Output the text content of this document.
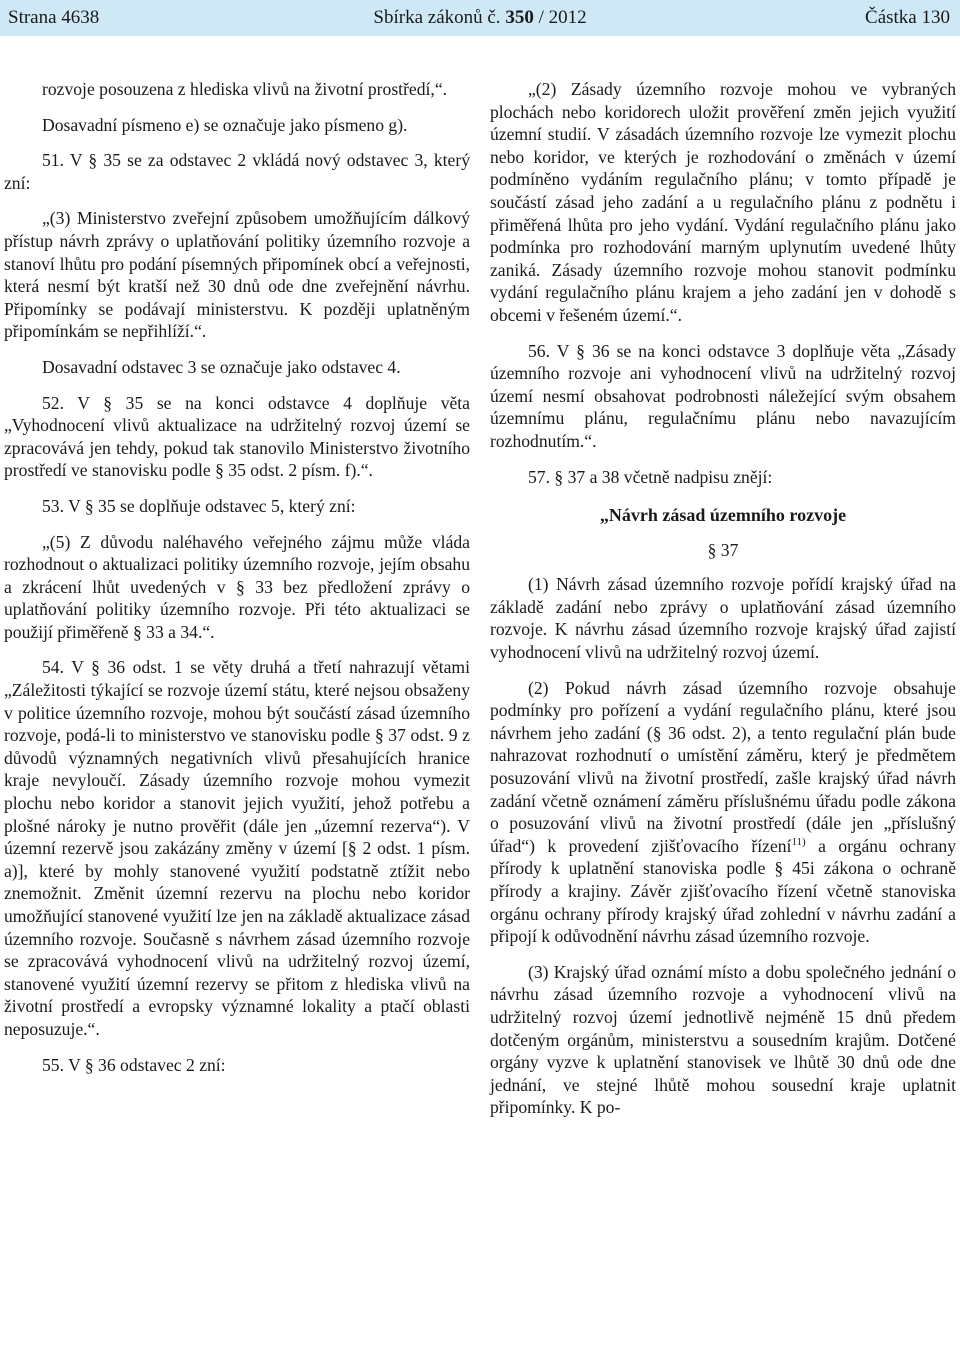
Strana 4638	Sbírka zákonů č. 350 / 2012	Částka 130

rozvoje posouzena z hlediska vlivů na životní prostředí,“.

Dosavadní písmeno e) se označuje jako písmeno g).

51. V § 35 se za odstavec 2 vkládá nový odstavec 3, který zní:

„(3) Ministerstvo zveřejní způsobem umožňujícím dálkový přístup návrh zprávy o uplatňování politiky územního rozvoje a stanoví lhůtu pro podání písemných připomínek obcí a veřejnosti, která nesmí být kratší než 30 dnů ode dne zveřejnění návrhu. Připomínky se podávají ministerstvu. K později uplatněným připomínkám se nepřihlíží.“.

Dosavadní odstavec 3 se označuje jako odstavec 4.

52. V § 35 se na konci odstavce 4 doplňuje věta „Vyhodnocení vlivů aktualizace na udržitelný rozvoj území se zpracovává jen tehdy, pokud tak stanovilo Ministerstvo životního prostředí ve stanovisku podle § 35 odst. 2 písm. f).“.

53. V § 35 se doplňuje odstavec 5, který zní:

„(5) Z důvodu naléhavého veřejného zájmu může vláda rozhodnout o aktualizaci politiky územního rozvoje, jejím obsahu a zkrácení lhůt uvedených v § 33 bez předložení zprávy o uplatňování politiky územního rozvoje. Při této aktualizaci se použijí přiměřeně § 33 a 34.“.

54. V § 36 odst. 1 se věty druhá a třetí nahrazují větami „Záležitosti týkající se rozvoje území státu, které nejsou obsaženy v politice územního rozvoje, mohou být součástí zásad územního rozvoje, podá-li to ministerstvo ve stanovisku podle § 37 odst. 9 z důvodů významných negativních vlivů přesahujících hranice kraje nevyloučí. Zásady územního rozvoje mohou vymezit plochu nebo koridor a stanovit jejich využití, jehož potřebu a plošné nároky je nutno prověřit (dále jen „územní rezerva“). V územní rezervě jsou zakázány změny v území [§ 2 odst. 1 písm. a)], které by mohly stanovené využití podstatně ztížit nebo znemožnit. Změnit územní rezervu na plochu nebo koridor umožňující stanovené využití lze jen na základě aktualizace zásad územního rozvoje. Současně s návrhem zásad územního rozvoje se zpracovává vyhodnocení vlivů na udržitelný rozvoj území, stanovené využití územní rezervy se přitom z hlediska vlivů na životní prostředí a evropsky významné lokality a ptačí oblasti neposuzuje.“.

55. V § 36 odstavec 2 zní:

„(2) Zásady územního rozvoje mohou ve vybraných plochách nebo koridorech uložit prověření změn jejich využití územní studií. V zásadách územního rozvoje lze vymezit plochu nebo koridor, ve kterých je rozhodování o změnách v území podmíněno vydáním regulačního plánu; v tomto případě je součástí zásad jeho zadání a u regulačního plánu z podnětu i přiměřená lhůta pro jeho vydání. Vydání regulačního plánu jako podmínka pro rozhodování marným uplynutím uvedené lhůty zaniká. Zásady územního rozvoje mohou stanovit podmínku vydání regulačního plánu krajem a jeho zadání jen v dohodě s obcemi v řešeném území.“.

56. V § 36 se na konci odstavce 3 doplňuje věta „Zásady územního rozvoje ani vyhodnocení vlivů na udržitelný rozvoj území nesmí obsahovat podrobnosti náležející svým obsahem územnímu plánu, regulačnímu plánu nebo navazujícím rozhodnutím.“.

57. § 37 a 38 včetně nadpisu znějí:

„Návrh zásad územního rozvoje

§ 37

(1) Návrh zásad územního rozvoje pořídí krajský úřad na základě zadání nebo zprávy o uplatňování zásad územního rozvoje. K návrhu zásad územního rozvoje krajský úřad zajistí vyhodnocení vlivů na udržitelný rozvoj území.

(2) Pokud návrh zásad územního rozvoje obsahuje podmínky pro pořízení a vydání regulačního plánu, které jsou návrhem jeho zadání (§ 36 odst. 2), a tento regulační plán bude nahrazovat rozhodnutí o umístění záměru, který je předmětem posuzování vlivů na životní prostředí, zašle krajský úřad návrh zadání včetně oznámení záměru příslušnému úřadu podle zákona o posuzování vlivů na životní prostředí (dále jen „příslušný úřad“) k provedení zjišťovacího řízení$^{11)}$ a orgánu ochrany přírody k uplatnění stanoviska podle § 45i zákona o ochraně přírody a krajiny. Závěr zjišťovacího řízení včetně stanoviska orgánu ochrany přírody krajský úřad zohlední v návrhu zadání a připojí k odůvodnění návrhu zásad územního rozvoje.

(3) Krajský úřad oznámí místo a dobu společného jednání o návrhu zásad územního rozvoje a vyhodnocení vlivů na udržitelný rozvoj území jednotlivě nejméně 15 dnů předem dotčeným orgánům, ministerstvu a sousedním krajům. Dotčené orgány vyzve k uplatnění stanovisek ve lhůtě 30 dnů ode dne jednání, ve stejné lhůtě mohou sousední kraje uplatnit připomínky. K po-
